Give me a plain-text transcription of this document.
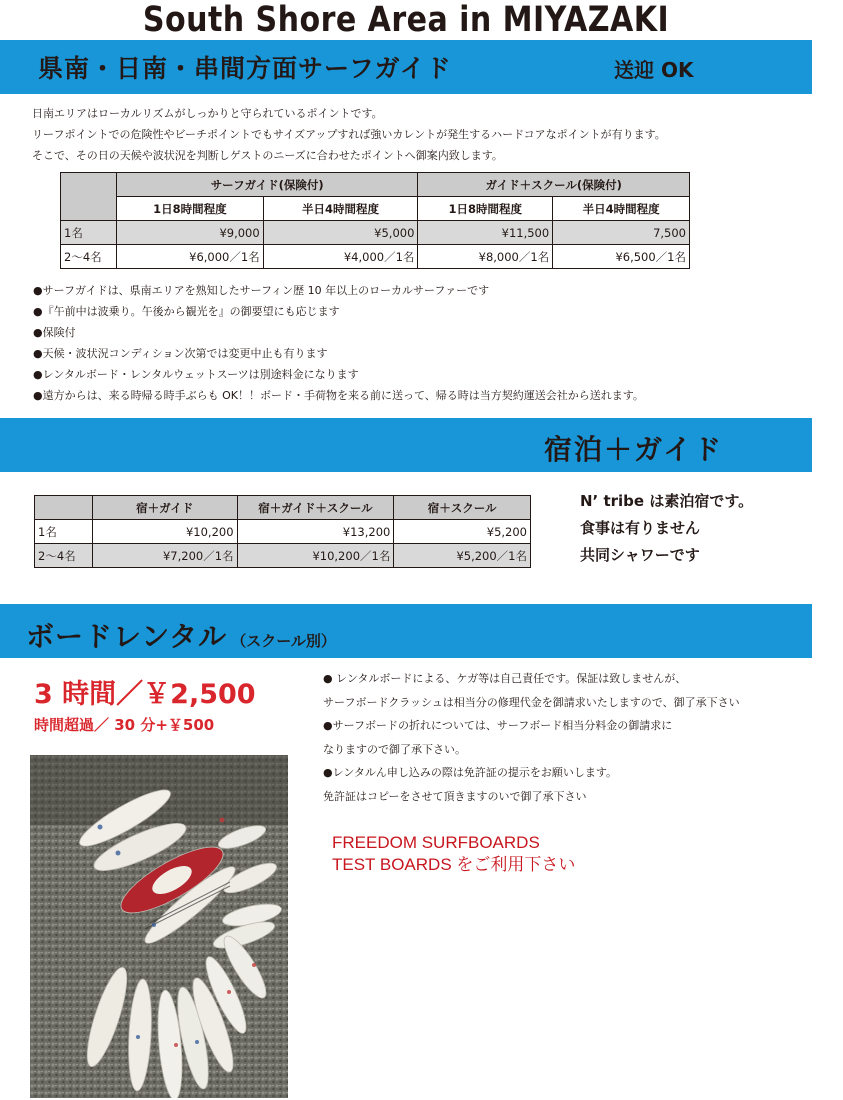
South Shore Area in MIYAZAKI
県南・日南・串間方面サーフガイド	送迎 OK
日南エリアはローカルリズムがしっかりと守られているポイントです。
リーフポイントでの危険性やビーチポイントでもサイズアップすれば強いカレントが発生するハードコアなポイントが有ります。
そこで、その日の天候や波状況を判断しゲストのニーズに合わせたポイントへ御案内致します。
	サーフガイド(保険付)		ガイド＋スクール(保険付)	
	1日8時間程度	半日4時間程度	1日8時間程度	半日4時間程度
1名	¥9,000	¥5,000	¥11,500	7,500
2～4名	¥6,000／1名	¥4,000／1名	¥8,000／1名	¥6,500／1名
●サーフガイドは、県南エリアを熟知したサーフィン歴 10 年以上のローカルサーファーです
●『午前中は波乗り。午後から観光を』の御要望にも応じます
●保険付
●天候・波状況コンディション次第では変更中止も有ります
●レンタルボード・レンタルウェットスーツは別途料金になります
●遠方からは、来る時帰る時手ぶらも OK！！ボード・手荷物を来る前に送って、帰る時は当方契約運送会社から送れます。
宿泊＋ガイド
	宿＋ガイド	宿＋ガイド＋スクール	宿＋スクール
1名	¥10,200	¥13,200	¥5,200
2～4名	¥7,200／1名	¥10,200／1名	¥5,200／1名
N’ tribe は素泊宿です。
食事は有りません
共同シャワーです
ボードレンタル （スクール別）
3 時間／￥2,500
時間超過／ 30 分+￥500
● レンタルボードによる、ケガ等は自己責任です。保証は致しませんが、
サーフボードクラッシュは相当分の修理代金を御請求いたしますので、御了承下さい
●サーフボードの折れについては、サーフボード相当分料金の御請求に
なりますので御了承下さい。
●レンタルん申し込みの際は免許証の提示をお願いします。
免許証はコピーをさせて頂きますのいで御了承下さい
FREEDOM SURFBOARDS
TEST BOARDS をご利用下さい
